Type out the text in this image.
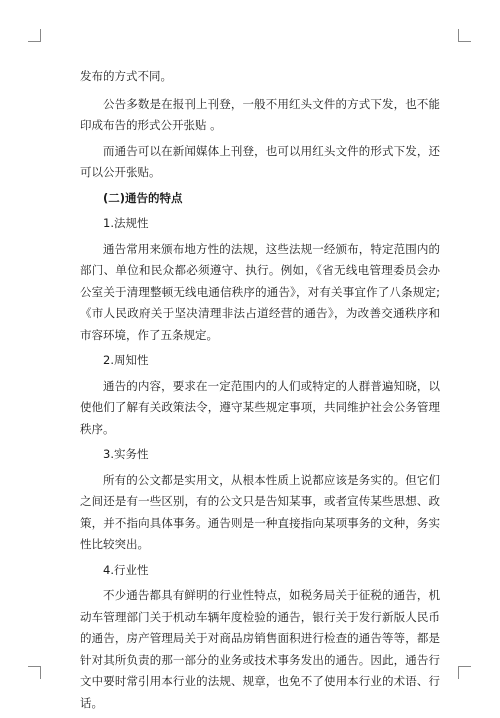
发布的方式不同。

公告多数是在报刊上刊登，一般不用红头文件的方式下发，也不能印成布告的形式公开张贴 。

而通告可以在新闻媒体上刊登，也可以用红头文件的形式下发，还可以公开张贴。

(二)通告的特点

1.法规性

通告常用来颁布地方性的法规，这些法规一经颁布，特定范围内的部门、单位和民众都必须遵守、执行。例如，《省无线电管理委员会办公室关于清理整顿无线电通信秩序的通告》，对有关事宜作了八条规定;《市人民政府关于坚决清理非法占道经营的通告》，为改善交通秩序和市容环境，作了五条规定。

2.周知性

通告的内容，要求在一定范围内的人们或特定的人群普遍知晓，以使他们了解有关政策法令，遵守某些规定事项，共同维护社会公务管理秩序。

3.实务性

所有的公文都是实用文，从根本性质上说都应该是务实的。但它们之间还是有一些区别，有的公文只是告知某事，或者宣传某些思想、政策，并不指向具体事务。通告则是一种直接指向某项事务的文种，务实性比较突出。

4.行业性

不少通告都具有鲜明的行业性特点，如税务局关于征税的通告，机动车管理部门关于机动车辆年度检验的通告，银行关于发行新版人民币的通告，房产管理局关于对商品房销售面积进行检查的通告等等，都是针对其所负责的那一部分的业务或技术事务发出的通告。因此，通告行文中要时常引用本行业的法规、规章，也免不了使用本行业的术语、行话。
